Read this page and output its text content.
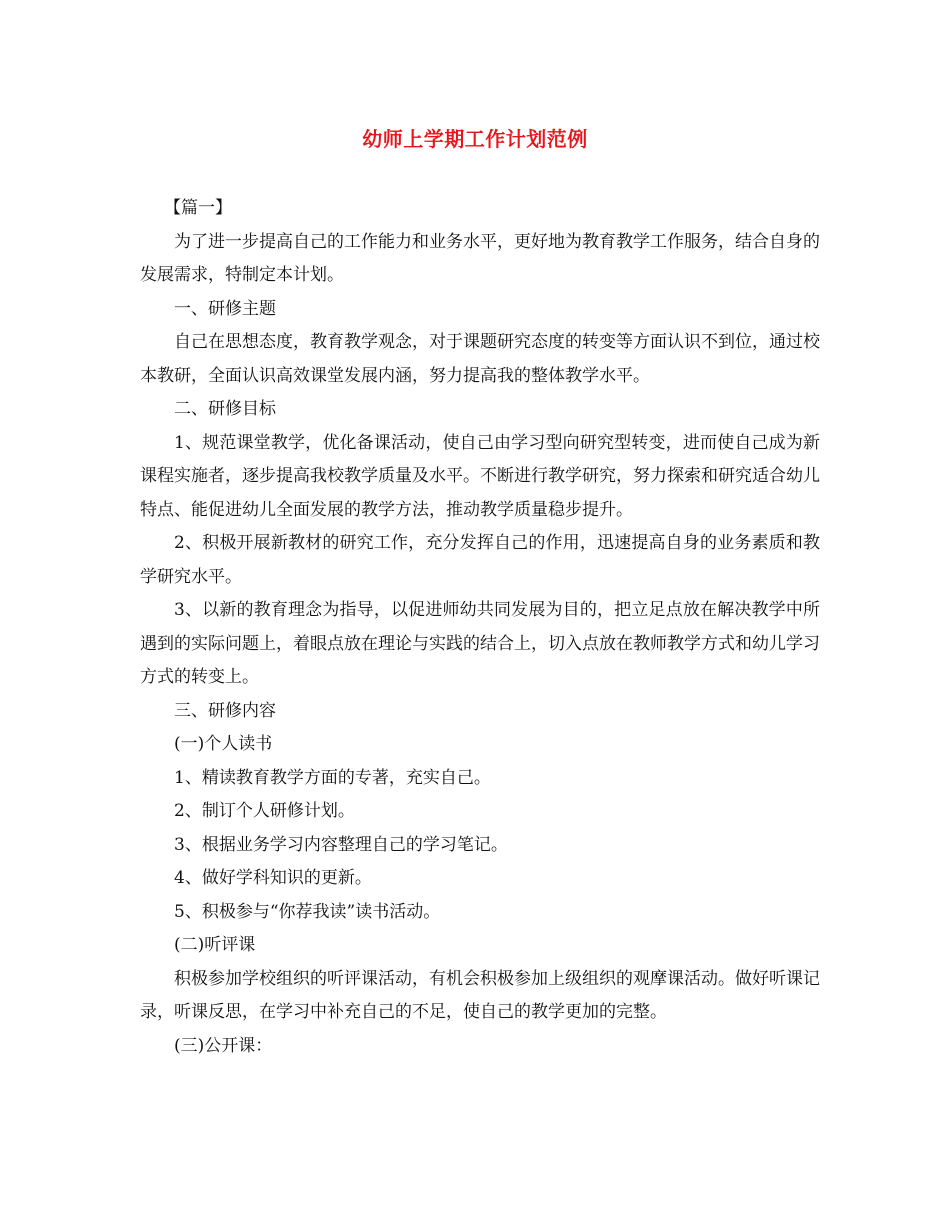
幼师上学期工作计划范例

【篇一】

为了进一步提高自己的工作能力和业务水平，更好地为教育教学工作服务，结合自身的发展需求，特制定本计划。

一、研修主题

自己在思想态度，教育教学观念，对于课题研究态度的转变等方面认识不到位，通过校本教研，全面认识高效课堂发展内涵，努力提高我的整体教学水平。

二、研修目标

1、规范课堂教学，优化备课活动，使自己由学习型向研究型转变，进而使自己成为新课程实施者，逐步提高我校教学质量及水平。不断进行教学研究，努力探索和研究适合幼儿特点、能促进幼儿全面发展的教学方法，推动教学质量稳步提升。

2、积极开展新教材的研究工作，充分发挥自己的作用，迅速提高自身的业务素质和教学研究水平。

3、以新的教育理念为指导，以促进师幼共同发展为目的，把立足点放在解决教学中所遇到的实际问题上，着眼点放在理论与实践的结合上，切入点放在教师教学方式和幼儿学习方式的转变上。

三、研修内容

(一)个人读书

1、精读教育教学方面的专著，充实自己。

2、制订个人研修计划。

3、根据业务学习内容整理自己的学习笔记。

4、做好学科知识的更新。

5、积极参与“你荐我读”读书活动。

(二)听评课

积极参加学校组织的听评课活动，有机会积极参加上级组织的观摩课活动。做好听课记录，听课反思，在学习中补充自己的不足，使自己的教学更加的完整。

(三)公开课：
